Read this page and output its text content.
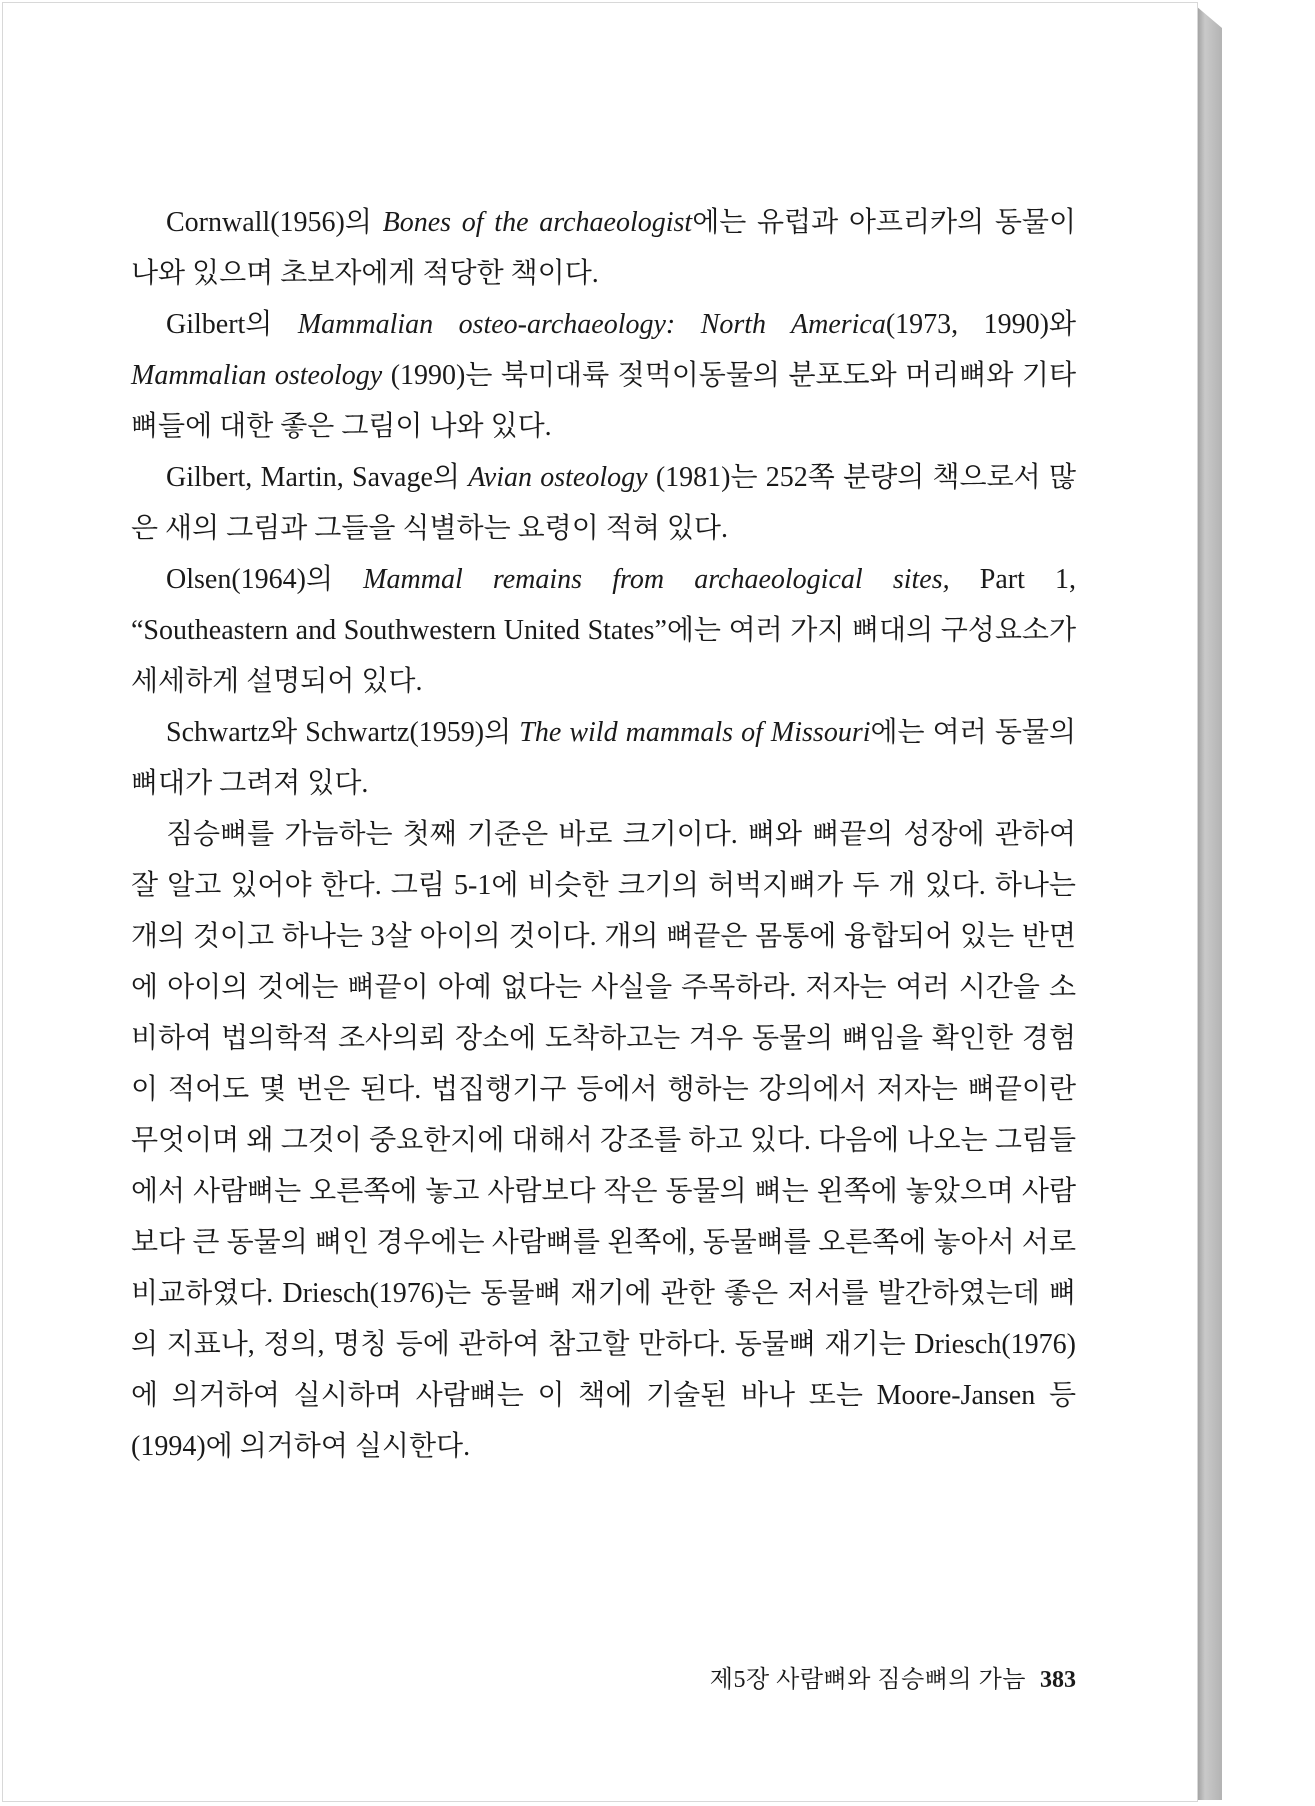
Cornwall(1956)의 Bones of the archaeologist에는 유럽과 아프리카의 동물이 나와 있으며 초보자에게 적당한 책이다.

Gilbert의 Mammalian osteo-archaeology: North America(1973, 1990)와 Mammalian osteology (1990)는 북미대륙 젖먹이동물의 분포도와 머리뼈와 기타 뼈들에 대한 좋은 그림이 나와 있다.

Gilbert, Martin, Savage의 Avian osteology (1981)는 252쪽 분량의 책으로서 많은 새의 그림과 그들을 식별하는 요령이 적혀 있다.

Olsen(1964)의 Mammal remains from archaeological sites, Part 1, “Southeastern and Southwestern United States”에는 여러 가지 뼈대의 구성요소가 세세하게 설명되어 있다.

Schwartz와 Schwartz(1959)의 The wild mammals of Missouri에는 여러 동물의 뼈대가 그려져 있다.

짐승뼈를 가늠하는 첫째 기준은 바로 크기이다. 뼈와 뼈끝의 성장에 관하여 잘 알고 있어야 한다. 그림 5-1에 비슷한 크기의 허벅지뼈가 두 개 있다. 하나는 개의 것이고 하나는 3살 아이의 것이다. 개의 뼈끝은 몸통에 융합되어 있는 반면에 아이의 것에는 뼈끝이 아예 없다는 사실을 주목하라. 저자는 여러 시간을 소비하여 법의학적 조사의뢰 장소에 도착하고는 겨우 동물의 뼈임을 확인한 경험이 적어도 몇 번은 된다. 법집행기구 등에서 행하는 강의에서 저자는 뼈끝이란 무엇이며 왜 그것이 중요한지에 대해서 강조를 하고 있다. 다음에 나오는 그림들에서 사람뼈는 오른쪽에 놓고 사람보다 작은 동물의 뼈는 왼쪽에 놓았으며 사람보다 큰 동물의 뼈인 경우에는 사람뼈를 왼쪽에, 동물뼈를 오른쪽에 놓아서 서로 비교하였다. Driesch(1976)는 동물뼈 재기에 관한 좋은 저서를 발간하였는데 뼈의 지표나, 정의, 명칭 등에 관하여 참고할 만하다. 동물뼈 재기는 Driesch(1976)에 의거하여 실시하며 사람뼈는 이 책에 기술된 바나 또는 Moore-Jansen 등(1994)에 의거하여 실시한다.

제5장 사람뼈와 짐승뼈의 가늠 383
